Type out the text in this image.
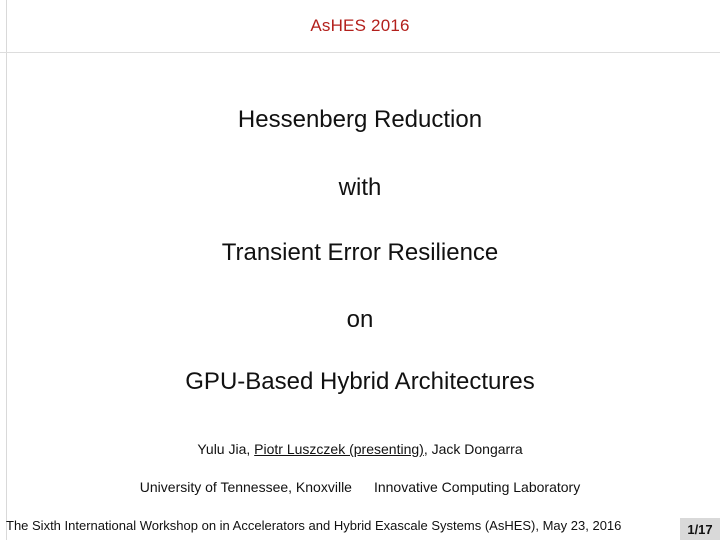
AsHES 2016
Hessenberg Reduction
with
Transient Error Resilience
on
GPU-Based Hybrid Architectures
Yulu Jia, Piotr Luszczek (presenting), Jack Dongarra
University of Tennessee, Knoxville Innovative Computing Laboratory
The Sixth International Workshop on in Accelerators and Hybrid Exascale Systems (AsHES), May 23, 2016	1/17
